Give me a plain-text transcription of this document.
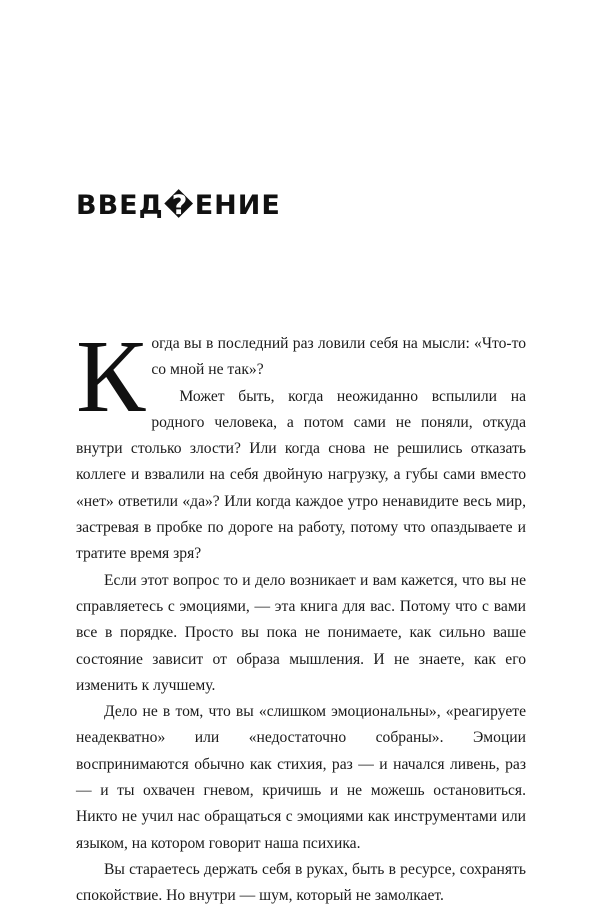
ВВЕД�ЕНИЕ

Когда вы в последний раз ловили себя на мысли: «Что-то со мной не так»?

Может быть, когда неожиданно вспылили на родного человека, а потом сами не поняли, откуда внутри столько злости? Или когда снова не решились отказать коллеге и взвалили на себя двойную нагрузку, а губы сами вместо «нет» ответили «да»? Или когда каждое утро ненавидите весь мир, застревая в пробке по дороге на работу, потому что опаздываете и тратите время зря?

Если этот вопрос то и дело возникает и вам кажется, что вы не справляетесь с эмоциями, — эта книга для вас. Потому что с вами все в порядке. Просто вы пока не понимаете, как сильно ваше состояние зависит от образа мышления. И не знаете, как его изменить к лучшему.

Дело не в том, что вы «слишком эмоциональны», «реагируете неадекватно» или «недостаточно собраны». Эмоции воспринимаются обычно как стихия, раз — и начался ливень, раз — и ты охвачен гневом, кричишь и не можешь остановиться. Никто не учил нас обращаться с эмоциями как инструментами или языком, на котором говорит наша психика.

Вы стараетесь держать себя в руках, быть в ресурсе, сохранять спокойствие. Но внутри — шум, который не замолкает.
